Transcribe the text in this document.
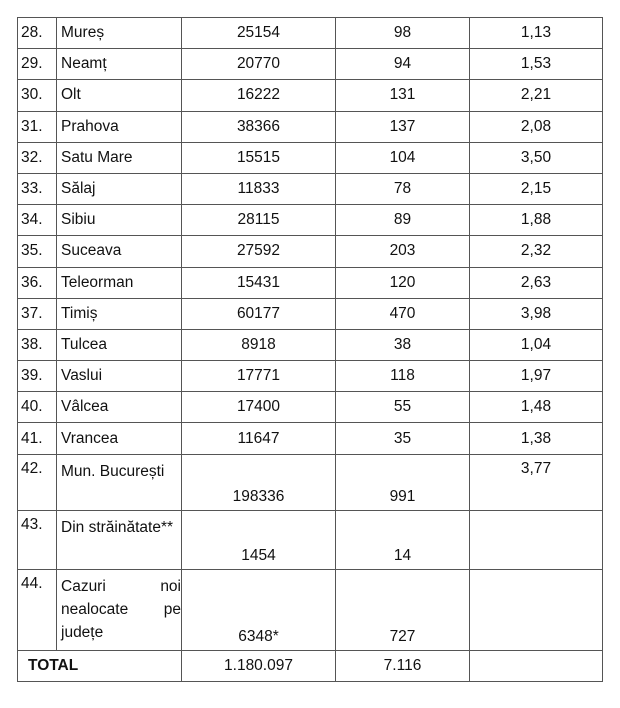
28.	Mureș	25154	98	1,13
29.	Neamț	20770	94	1,53
30.	Olt	16222	131	2,21
31.	Prahova	38366	137	2,08
32.	Satu Mare	15515	104	3,50
33.	Sălaj	11833	78	2,15
34.	Sibiu	28115	89	1,88
35.	Suceava	27592	203	2,32
36.	Teleorman	15431	120	2,63
37.	Timiș	60177	470	3,98
38.	Tulcea	8918	38	1,04
39.	Vaslui	17771	118	1,97
40.	Vâlcea	17400	55	1,48
41.	Vrancea	11647	35	1,38
42.	Mun. București	198336	991	3,77
43.	Din străinătate**	1454	14	
44.	Cazuri noi nealocate pe județe	6348*	727	
TOTAL		1.180.097	7.116	
